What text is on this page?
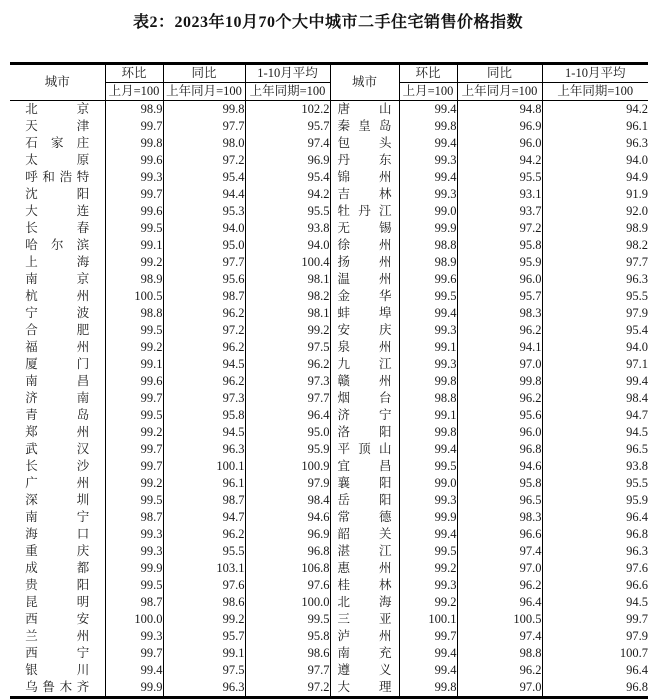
表2：2023年10月70个大中城市二手住宅销售价格指数
城市	环比	同比	1-10月平均	城市	环比	同比	1-10月平均
	上月=100	上年同月=100	上年同期=100		上月=100	上年同月=100	上年同期=100
北京	98.9	99.8	102.2	唐山	99.4	94.8	94.2
天津	99.7	97.7	95.7	秦皇岛	99.8	96.9	96.1
石家庄	99.8	98.0	97.4	包头	99.4	96.0	96.3
太原	99.6	97.2	96.9	丹东	99.3	94.2	94.0
呼和浩特	99.3	95.4	95.4	锦州	99.4	95.5	94.9
沈阳	99.7	94.4	94.2	吉林	99.3	93.1	91.9
大连	99.6	95.3	95.5	牡丹江	99.0	93.7	92.0
长春	99.5	94.0	93.8	无锡	99.9	97.2	98.9
哈尔滨	99.1	95.0	94.0	徐州	98.8	95.8	98.2
上海	99.2	97.7	100.4	扬州	98.9	95.9	97.7
南京	98.9	95.6	98.1	温州	99.6	96.0	96.3
杭州	100.5	98.7	98.2	金华	99.5	95.7	95.5
宁波	98.8	96.2	98.1	蚌埠	99.4	98.3	97.9
合肥	99.5	97.2	99.2	安庆	99.3	96.2	95.4
福州	99.2	96.2	97.5	泉州	99.1	94.1	94.0
厦门	99.1	94.5	96.2	九江	99.3	97.0	97.1
南昌	99.6	96.2	97.3	赣州	99.8	99.8	99.4
济南	99.7	97.3	97.7	烟台	98.8	96.2	98.4
青岛	99.5	95.8	96.4	济宁	99.1	95.6	94.7
郑州	99.2	94.5	95.0	洛阳	99.8	96.0	94.5
武汉	99.7	96.3	95.9	平顶山	99.4	96.8	96.5
长沙	99.7	100.1	100.9	宜昌	99.5	94.6	93.8
广州	99.2	96.1	97.9	襄阳	99.0	95.8	95.5
深圳	99.5	98.7	98.4	岳阳	99.3	96.5	95.9
南宁	98.7	94.7	94.6	常德	99.9	98.3	96.4
海口	99.3	96.2	96.9	韶关	99.4	96.6	96.8
重庆	99.3	95.5	96.8	湛江	99.5	97.4	96.3
成都	99.9	103.1	106.8	惠州	99.2	97.0	97.6
贵阳	99.5	97.6	97.6	桂林	99.3	96.2	96.6
昆明	98.7	98.6	100.0	北海	99.2	96.4	94.5
西安	100.0	99.2	99.5	三亚	100.1	100.5	99.7
兰州	99.3	95.7	95.8	泸州	99.7	97.4	97.9
西宁	99.7	99.1	98.6	南充	99.4	98.8	100.7
银川	99.4	97.5	97.7	遵义	99.4	96.2	96.4
乌鲁木齐	99.9	96.3	97.2	大理	99.8	97.0	96.8
